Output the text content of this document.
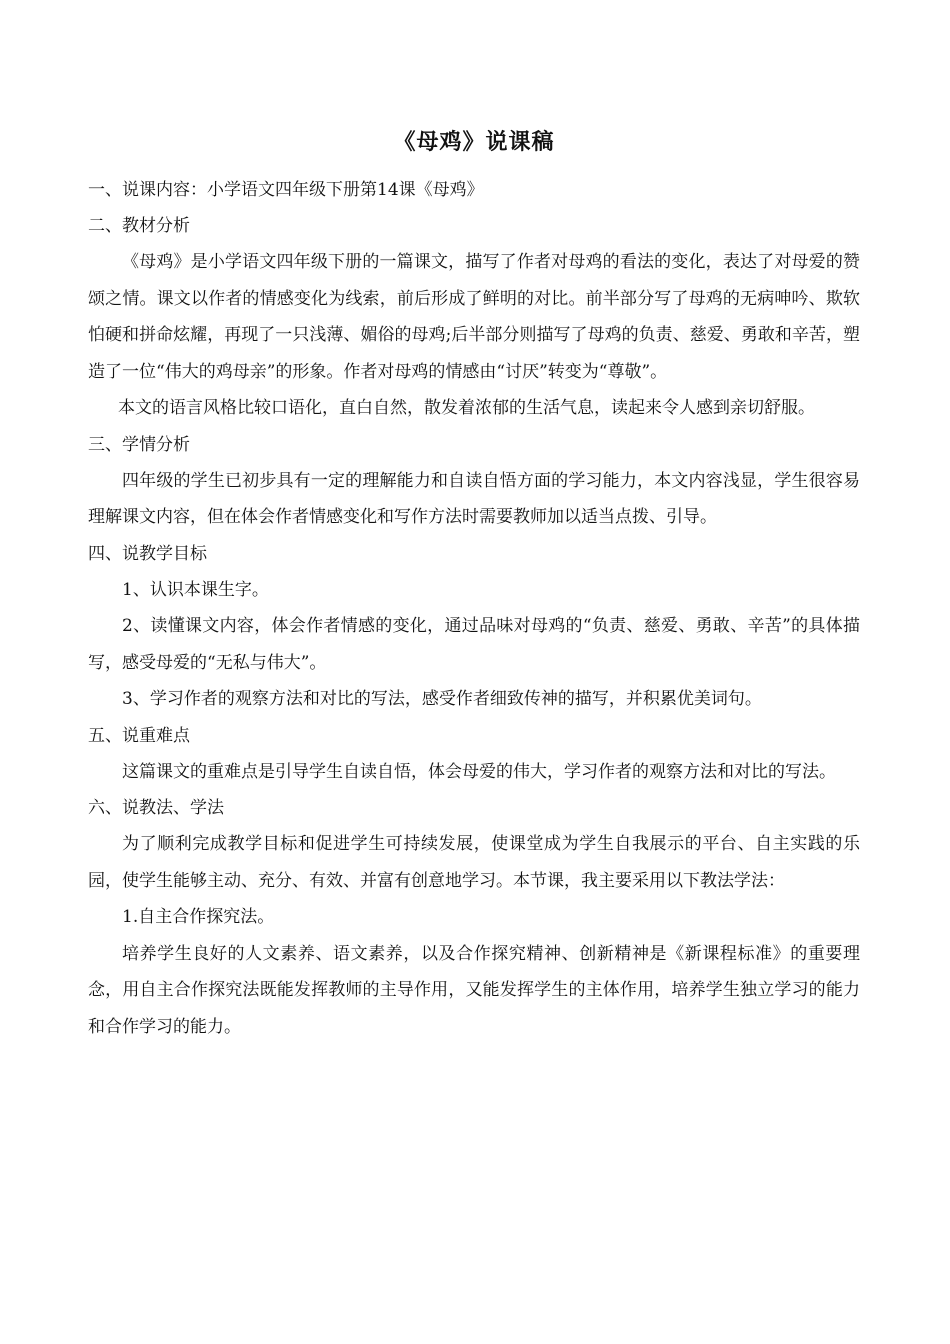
《母鸡》说课稿
一、说课内容：小学语文四年级下册第14课《母鸡》
二、教材分析

《母鸡》是小学语文四年级下册的一篇课文，描写了作者对母鸡的看法的变化，表达了对母爱的赞颂之情。课文以作者的情感变化为线索，前后形成了鲜明的对比。前半部分写了母鸡的无病呻吟、欺软怕硬和拼命炫耀，再现了一只浅薄、媚俗的母鸡;后半部分则描写了母鸡的负责、慈爱、勇敢和辛苦，塑造了一位“伟大的鸡母亲”的形象。作者对母鸡的情感由“讨厌”转变为“尊敬”。

本文的语言风格比较口语化，直白自然，散发着浓郁的生活气息，读起来令人感到亲切舒服。

三、学情分析

四年级的学生已初步具有一定的理解能力和自读自悟方面的学习能力，本文内容浅显，学生很容易理解课文内容，但在体会作者情感变化和写作方法时需要教师加以适当点拨、引导。

四、说教学目标

1、认识本课生字。

2、读懂课文内容，体会作者情感的变化，通过品味对母鸡的“负责、慈爱、勇敢、辛苦”的具体描写，感受母爱的“无私与伟大”。

3、学习作者的观察方法和对比的写法，感受作者细致传神的描写，并积累优美词句。

五、说重难点

这篇课文的重难点是引导学生自读自悟，体会母爱的伟大，学习作者的观察方法和对比的写法。

六、说教法、学法

为了顺利完成教学目标和促进学生可持续发展，使课堂成为学生自我展示的平台、自主实践的乐园，使学生能够主动、充分、有效、并富有创意地学习。本节课，我主要采用以下教法学法：

1.自主合作探究法。

培养学生良好的人文素养、语文素养，以及合作探究精神、创新精神是《新课程标准》的重要理念，用自主合作探究法既能发挥教师的主导作用，又能发挥学生的主体作用，培养学生独立学习的能力和合作学习的能力。
